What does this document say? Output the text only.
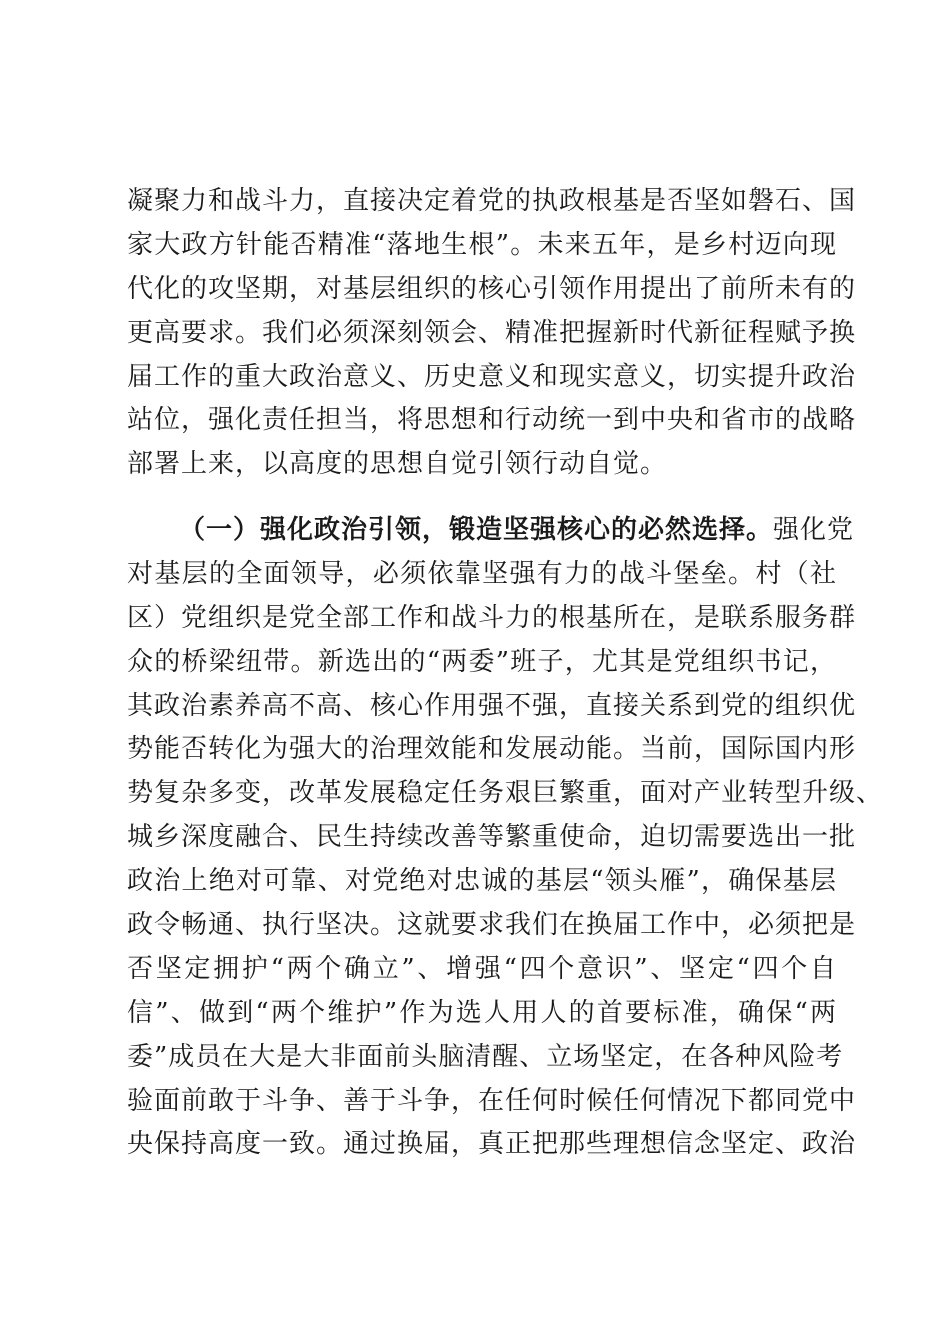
凝聚力和战斗力，直接决定着党的执政根基是否坚如磐石、国
家大政方针能否精准“落地生根”。未来五年，是乡村迈向现
代化的攻坚期，对基层组织的核心引领作用提出了前所未有的
更高要求。我们必须深刻领会、精准把握新时代新征程赋予换
届工作的重大政治意义、历史意义和现实意义，切实提升政治
站位，强化责任担当，将思想和行动统一到中央和省市的战略
部署上来，以高度的思想自觉引领行动自觉。
（一）强化政治引领，锻造坚强核心的必然选择。强化党
对基层的全面领导，必须依靠坚强有力的战斗堡垒。村（社
区）党组织是党全部工作和战斗力的根基所在，是联系服务群
众的桥梁纽带。新选出的“两委”班子，尤其是党组织书记，
其政治素养高不高、核心作用强不强，直接关系到党的组织优
势能否转化为强大的治理效能和发展动能。当前，国际国内形
势复杂多变，改革发展稳定任务艰巨繁重，面对产业转型升级、
城乡深度融合、民生持续改善等繁重使命，迫切需要选出一批
政治上绝对可靠、对党绝对忠诚的基层“领头雁”，确保基层
政令畅通、执行坚决。这就要求我们在换届工作中，必须把是
否坚定拥护“两个确立”、增强“四个意识”、坚定“四个自
信”、做到“两个维护”作为选人用人的首要标准，确保“两
委”成员在大是大非面前头脑清醒、立场坚定，在各种风险考
验面前敢于斗争、善于斗争，在任何时候任何情况下都同党中
央保持高度一致。通过换届，真正把那些理想信念坚定、政治
